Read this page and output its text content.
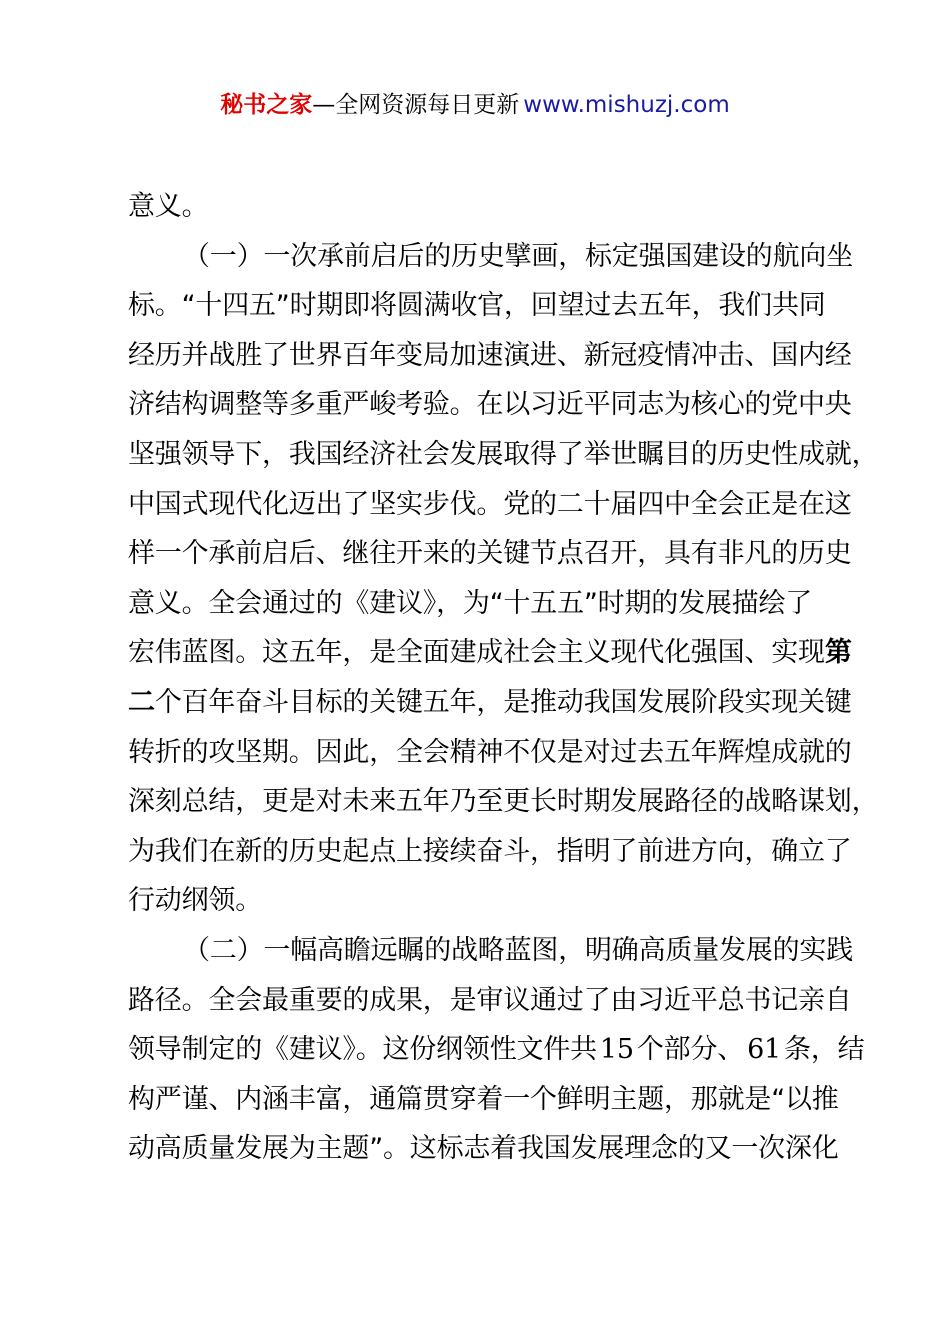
秘书之家—全网资源每日更新 www.mishuzj.com
意义。
（一）一次承前启后的历史擘画，标定强国建设的航向坐
标。“十四五”时期即将圆满收官，回望过去五年，我们共同
经历并战胜了世界百年变局加速演进、新冠疫情冲击、国内经
济结构调整等多重严峻考验。在以习近平同志为核心的党中央
坚强领导下，我国经济社会发展取得了举世瞩目的历史性成就，
中国式现代化迈出了坚实步伐。党的二十届四中全会正是在这
样一个承前启后、继往开来的关键节点召开，具有非凡的历史
意义。全会通过的《建议》，为“十五五”时期的发展描绘了
宏伟蓝图。这五年，是全面建成社会主义现代化强国、实现第
二个百年奋斗目标的关键五年，是推动我国发展阶段实现关键
转折的攻坚期。因此，全会精神不仅是对过去五年辉煌成就的
深刻总结，更是对未来五年乃至更长时期发展路径的战略谋划，
为我们在新的历史起点上接续奋斗，指明了前进方向，确立了
行动纲领。
（二）一幅高瞻远瞩的战略蓝图，明确高质量发展的实践
路径。全会最重要的成果，是审议通过了由习近平总书记亲自
领导制定的《建议》。这份纲领性文件共 15 个部分、 61 条，结
构严谨、内涵丰富，通篇贯穿着一个鲜明主题，那就是“以推
动高质量发展为主题”。这标志着我国发展理念的又一次深化
